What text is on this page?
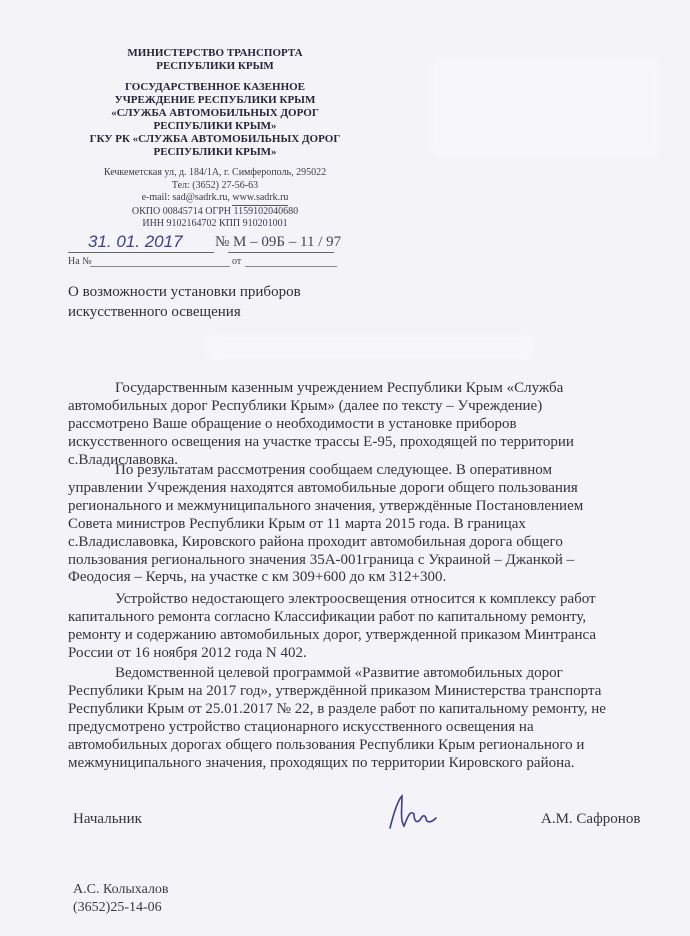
МИНИСТЕРСТВО ТРАНСПОРТА
РЕСПУБЛИКИ КРЫМ
ГОСУДАРСТВЕННОЕ КАЗЕННОЕ
УЧРЕЖДЕНИЕ РЕСПУБЛИКИ КРЫМ
«СЛУЖБА АВТОМОБИЛЬНЫХ ДОРОГ
РЕСПУБЛИКИ КРЫМ»
ГКУ РК «СЛУЖБА АВТОМОБИЛЬНЫХ ДОРОГ
РЕСПУБЛИКИ КРЫМ»
Кечкеметская ул, д. 184/1А, г. Симферополь, 295022
Тел: (3652) 27-56-63
e-mail: sad@sadrk.ru, www.sadrk.ru
ОКПО 00845714 ОГРН 1159102040680
ИНН 9102164702 КПП 910201001
31. 01. 2017 № М – 09Б – 11 / 97
На №	от
О возможности установки приборов
искусственного освещения
Государственным казенным учреждением Республики Крым «Служба
автомобильных дорог Республики Крым» (далее по тексту – Учреждение)
рассмотрено Ваше обращение о необходимости в установке приборов
искусственного освещения на участке трассы Е-95, проходящей по территории
с.Владиславовка.
По результатам рассмотрения сообщаем следующее. В оперативном
управлении Учреждения находятся автомобильные дороги общего пользования
регионального и межмуниципального значения, утверждённые Постановлением
Совета министров Республики Крым от 11 марта 2015 года. В границах
с.Владиславовка, Кировского района проходит автомобильная дорога общего
пользования регионального значения 35А-001граница с Украиной – Джанкой –
Феодосия – Керчь, на участке с км 309+600 до км 312+300.
Устройство недостающего электроосвещения относится к комплексу работ
капитального ремонта согласно Классификации работ по капитальному ремонту,
ремонту и содержанию автомобильных дорог, утвержденной приказом Минтранса
России от 16 ноября 2012 года N 402.
Ведомственной целевой программой «Развитие автомобильных дорог
Республики Крым на 2017 год», утверждённой приказом Министерства транспорта
Республики Крым от 25.01.2017 № 22, в разделе работ по капитальному ремонту, не
предусмотрено устройство стационарного искусственного освещения на
автомобильных дорогах общего пользования Республики Крым регионального и
межмуниципального значения, проходящих по территории Кировского района.
Начальник	А.М. Сафронов
А.С. Колыхалов
(3652)25-14-06
